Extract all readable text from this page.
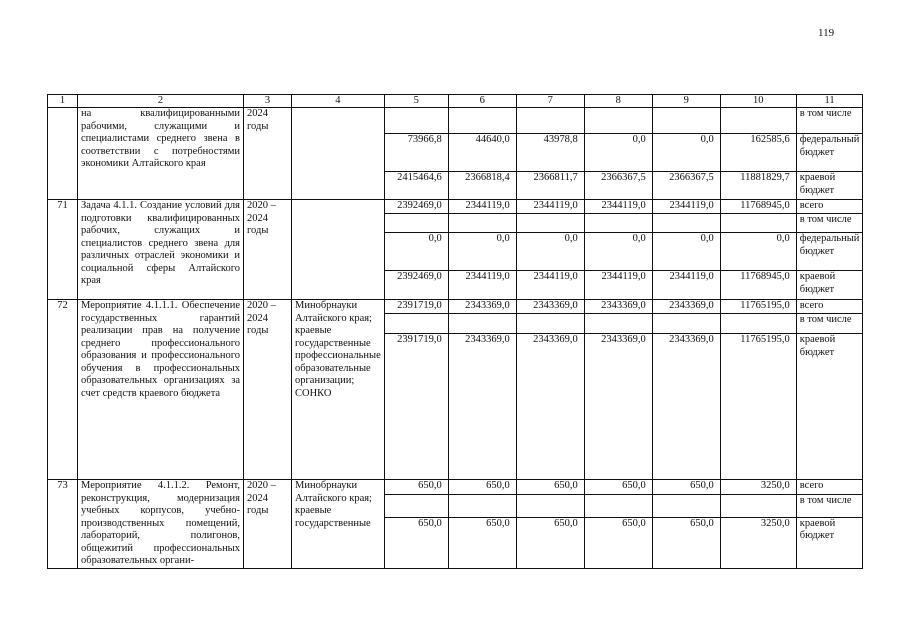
119
1	2	3	4	5	6	7	8	9	10	11
	на квалифицированными рабочими, служащими и специалистами среднего звена в соответствии с потребностями экономики Алтайского края	2024 годы								в том числе
				73966,8	44640,0	43978,8	0,0	0,0	162585,6	федеральный бюджет
				2415464,6	2366818,4	2366811,7	2366367,5	2366367,5	11881829,7	краевой бюджет
71	Задача 4.1.1. Создание условий для подготовки квалифицированных рабочих, служащих и специалистов среднего звена для различных отраслей экономики и социальной сферы Алтайского края	2020 – 2024 годы		2392469,0	2344119,0	2344119,0	2344119,0	2344119,0	11768945,0	всего
										в том числе
				0,0	0,0	0,0	0,0	0,0	0,0	федеральный бюджет
				2392469,0	2344119,0	2344119,0	2344119,0	2344119,0	11768945,0	краевой бюджет
72	Мероприятие 4.1.1.1. Обеспечение государственных гарантий реализации прав на получение среднего профессионального образования и профессионального обучения в профессиональных образовательных организациях за счет средств краевого бюджета	2020 – 2024 годы	Минобрнауки Алтайского края; краевые государственные профессиональные образовательные организации; СОНКО	2391719,0	2343369,0	2343369,0	2343369,0	2343369,0	11765195,0	всего
										в том числе
				2391719,0	2343369,0	2343369,0	2343369,0	2343369,0	11765195,0	краевой бюджет
73	Мероприятие 4.1.1.2. Ремонт, реконструкция, модернизация учебных корпусов, учебно-производственных помещений, лабораторий, полигонов, общежитий профессиональных образовательных органи-	2020 – 2024 годы	Минобрнауки Алтайского края; краевые государственные	650,0	650,0	650,0	650,0	650,0	3250,0	всего
										в том числе
				650,0	650,0	650,0	650,0	650,0	3250,0	краевой бюджет
